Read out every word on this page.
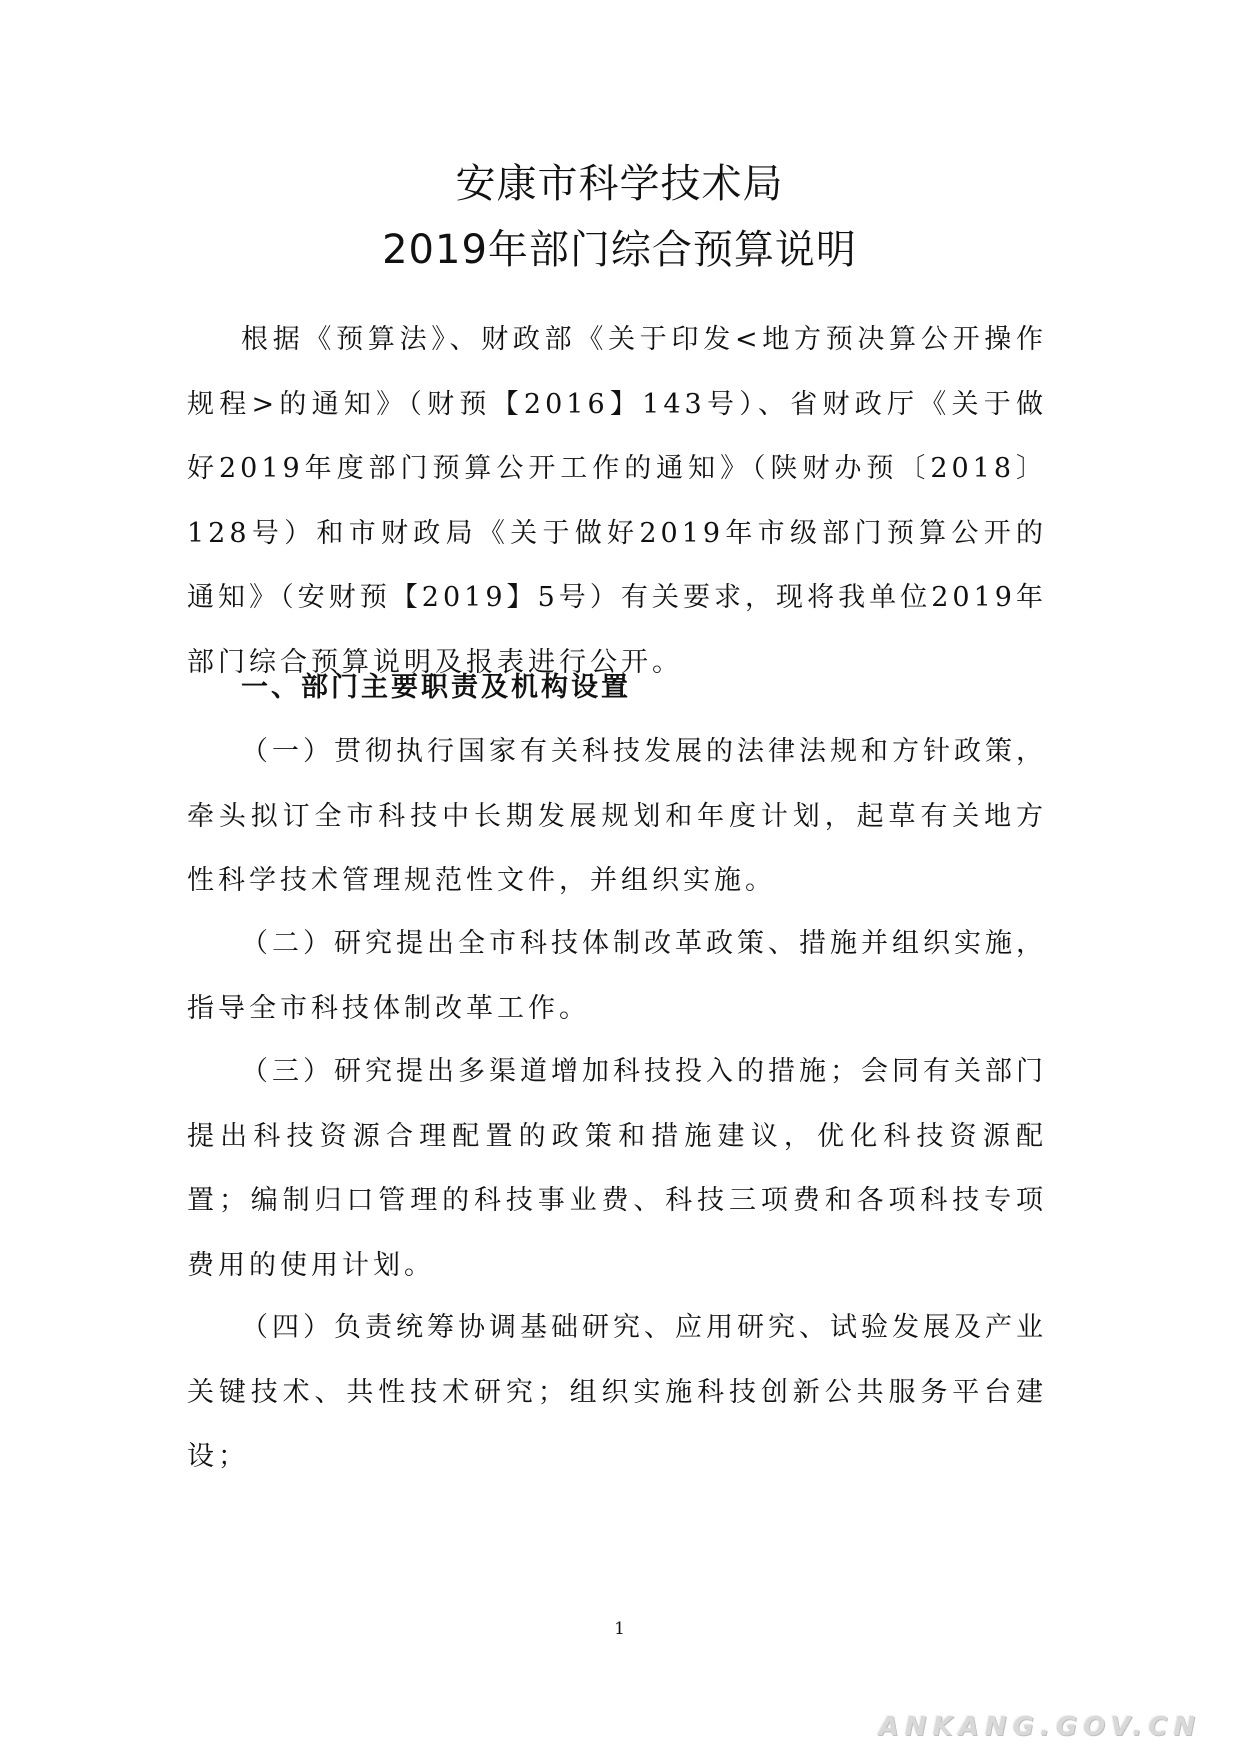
安康市科学技术局
2019年部门综合预算说明

根据《预算法》、财政部《关于印发<地方预决算公开操作规程>的通知》（财预【2016】143号）、省财政厅《关于做好2019年度部门预算公开工作的通知》（陕财办预〔2018〕128号）和市财政局《关于做好2019年市级部门预算公开的通知》（安财预【2019】5号）有关要求，现将我单位2019年部门综合预算说明及报表进行公开。

一、部门主要职责及机构设置

（一）贯彻执行国家有关科技发展的法律法规和方针政策，牵头拟订全市科技中长期发展规划和年度计划，起草有关地方性科学技术管理规范性文件，并组织实施。

（二）研究提出全市科技体制改革政策、措施并组织实施，指导全市科技体制改革工作。

（三）研究提出多渠道增加科技投入的措施；会同有关部门提出科技资源合理配置的政策和措施建议，优化科技资源配置；编制归口管理的科技事业费、科技三项费和各项科技专项费用的使用计划。

（四）负责统筹协调基础研究、应用研究、试验发展及产业关键技术、共性技术研究；组织实施科技创新公共服务平台建设；

1
ANKANG.GOV.CN
